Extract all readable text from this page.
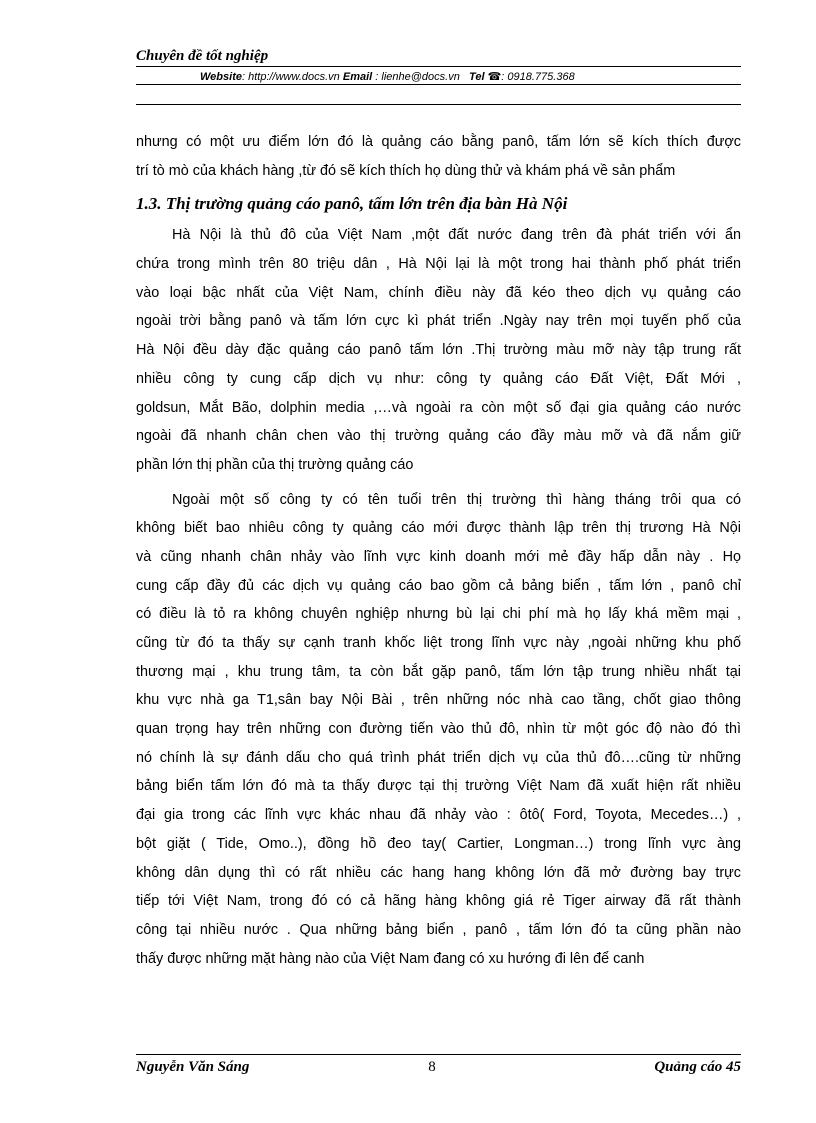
Chuyên đề tốt nghiệp
Website: http://www.docs.vn Email : lienhe@docs.vn Tel ☎: 0918.775.368
nhưng có một ưu điểm lớn đó là quảng cáo bằng panô, tấm lớn sẽ kích thích được
trí tò mò của khách hàng ,từ đó sẽ kích thích họ dùng thử và khám phá về sản phẩm
1.3. Thị trường quảng cáo panô, tấm lớn trên địa bàn Hà Nội
Hà Nội là thủ đô của Việt Nam ,một đất nước đang trên đà phát triển với ẩn
chứa trong mình trên 80 triệu dân , Hà Nội lại là một trong hai thành phố phát triển
vào loại bậc nhất của Việt Nam, chính điều này đã kéo theo dịch vụ quảng cáo
ngoài trời bằng panô và tấm lớn cực kì phát triển .Ngày nay trên mọi tuyến phố của
Hà Nội đều dày đặc quảng cáo panô tấm lớn .Thị trường màu mỡ này tập trung rất
nhiều công ty cung cấp dịch vụ như: công ty quảng cáo Đất Việt, Đất Mới ,
goldsun, Mắt Bão, dolphin media ,…và ngoài ra còn một số đại gia quảng cáo nước
ngoài đã nhanh chân chen vào thị trường quảng cáo đầy màu mỡ và đã nắm giữ
phần lớn thị phần của thị trường quảng cáo
Ngoài một số công ty có tên tuổi trên thị trường thì hàng tháng trôi qua có
không biết bao nhiêu công ty quảng cáo mới được thành lập trên thị trương Hà Nội
và cũng nhanh chân nhảy vào lĩnh vực kinh doanh mới mẻ đầy hấp dẫn này . Họ
cung cấp đầy đủ các dịch vụ quảng cáo bao gồm cả bảng biển , tấm lớn , panô chỉ
có điều là tỏ ra không chuyên nghiệp nhưng bù lại chi phí mà họ lấy khá mềm mại ,
cũng từ đó ta thấy sự cạnh tranh khốc liệt trong lĩnh vực này ,ngoài những khu phố
thương mại , khu trung tâm, ta còn bắt gặp panô, tấm lớn tập trung nhiều nhất tại
khu vực nhà ga T1,sân bay Nội Bài , trên những nóc nhà cao tầng, chốt giao thông
quan trọng hay trên những con đường tiến vào thủ đô, nhìn từ một góc độ nào đó thì
nó chính là sự đánh dấu cho quá trình phát triển dịch vụ của thủ đô….cũng từ những
bảng biển tấm lớn đó mà ta thấy được tại thị trường Việt Nam đã xuất hiện rất nhiều
đại gia trong các lĩnh vực khác nhau đã nhảy vào : ôtô( Ford, Toyota, Mecedes…) ,
bột giặt ( Tide, Omo..), đồng hồ đeo tay( Cartier, Longman…) trong lĩnh vực àng
không dân dụng thì có rất nhiều các hang hang không lớn đã mở đường bay trực
tiếp tới Việt Nam, trong đó có cả hãng hàng không giá rẻ Tiger airway đã rất thành
công tại nhiều nước . Qua những bảng biển , panô , tấm lớn đó ta cũng phần nào
thấy được những mặt hàng nào của Việt Nam đang có xu hướng đi lên để canh
Nguyễn Văn Sáng	8	Quảng cáo 45
